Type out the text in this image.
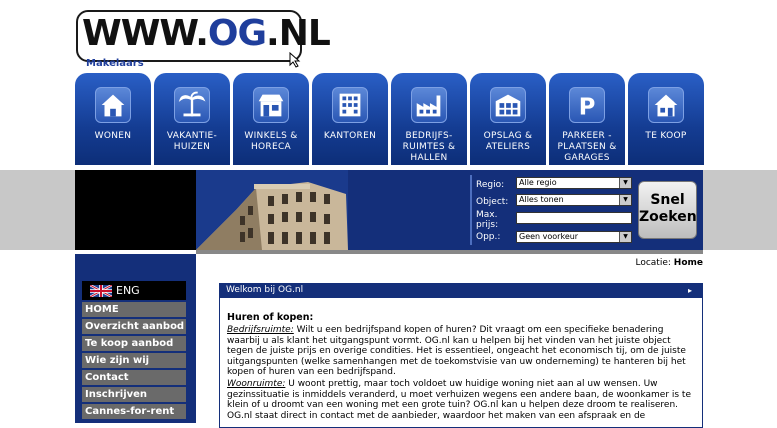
WWW.OG.NL
Makelaars
WONEN	VAKANTIE-
HUIZEN
WINKELS &
HORECA
KANTOREN	BEDRIJFS-
RUIMTES &
HALLEN
OPSLAG &
ATELIERS
P
PARKEER -
PLAATSEN &
GARAGES
TE KOOP
Regio:	Alle regio	▼
Object:	Alles tonen	▼
Max.
prijs:
Opp.:	Geen voorkeur	▼
Snel
Zoeken
ENG
HOME
Overzicht aanbod
Te koop aanbod
Wie zijn wij
Contact
Inschrijven
Cannes-for-rent
Locatie: Home
Welkom bij OG.nl	▸
Huren of kopen:
Bedrijfsruimte: Wilt u een bedrijfspand kopen of huren? Dit vraagt om een specifieke benadering waarbij u als klant het uitgangspunt vormt. OG.nl kan u helpen bij het vinden van het juiste object tegen de juiste prijs en overige condities. Het is essentieel, ongeacht het economisch tij, om de juiste uitgangspunten (welke samenhangen met de toekomstvisie van uw onderneming) te hanteren bij het kopen of huren van een bedrijfspand.
Woonruimte: U woont prettig, maar toch voldoet uw huidige woning niet aan al uw wensen. Uw gezinssituatie is inmiddels veranderd, u moet verhuizen wegens een andere baan, de woonkamer is te klein of u droomt van een woning met een grote tuin? OG.nl kan u helpen deze droom te realiseren. OG.nl staat direct in contact met de aanbieder, waardoor het maken van een afspraak en de
